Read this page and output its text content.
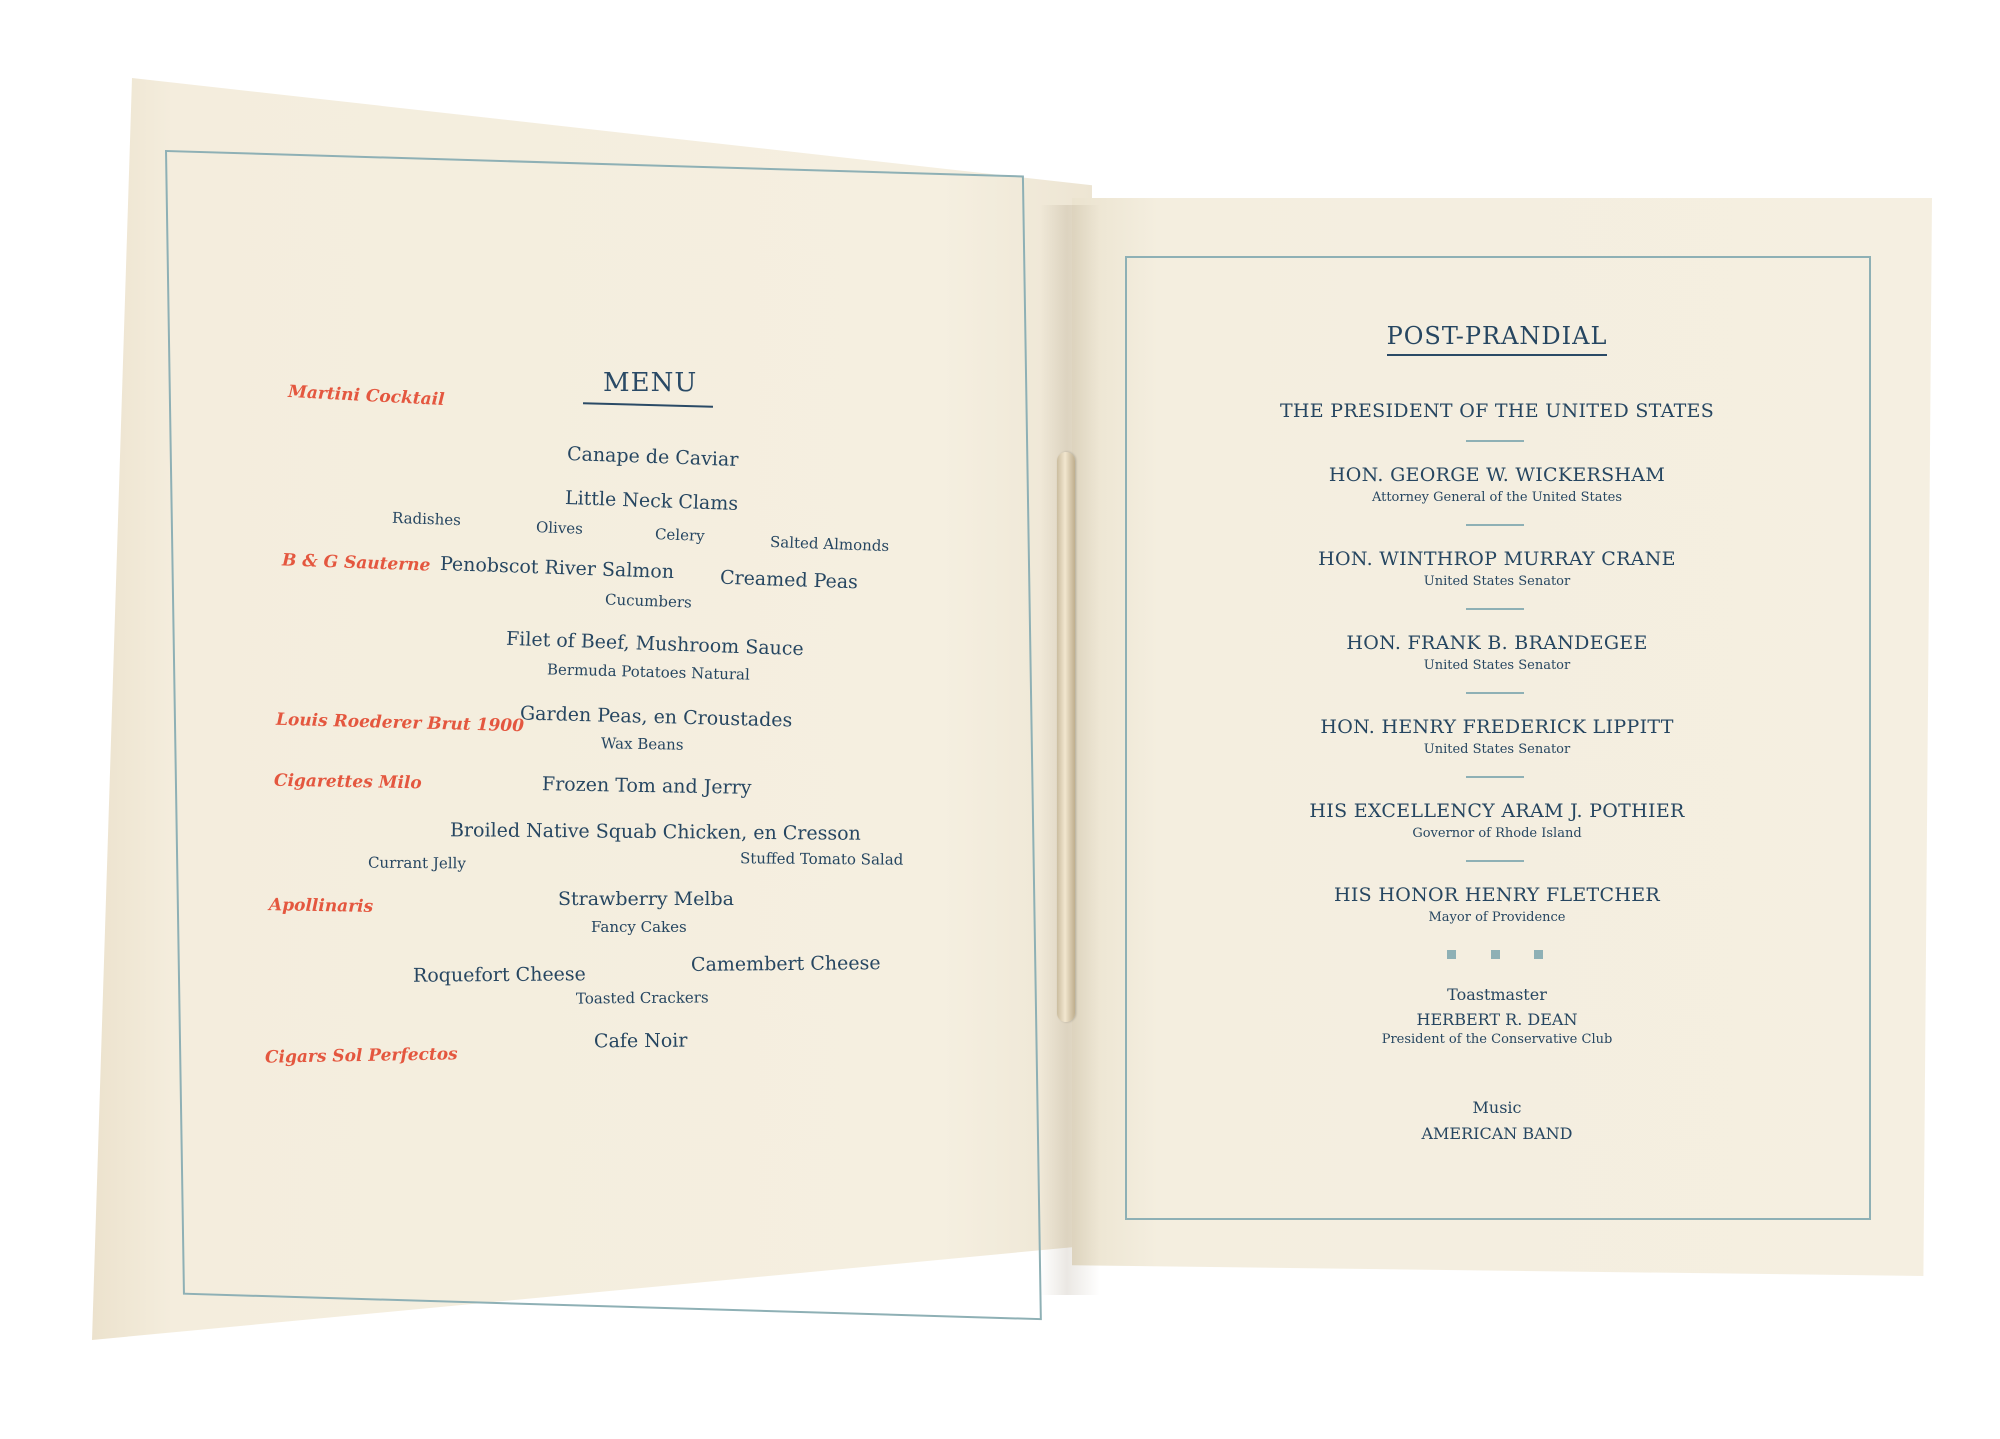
MENU
Martini Cocktail
B & G Sauterne
Louis Roederer Brut 1900
Cigarettes Milo
Apollinaris
Cigars Sol Perfectos
Canape de Caviar
Little Neck Clams
Radishes	Olives	Celery	Salted Almonds
Penobscot River Salmon Creamed Peas
Cucumbers
Filet of Beef, Mushroom Sauce
Bermuda Potatoes Natural
Garden Peas, en Croustades
Wax Beans
Frozen Tom and Jerry
Broiled Native Squab Chicken, en Cresson
Currant Jelly	Stuffed Tomato Salad
Strawberry Melba
Fancy Cakes
Roquefort Cheese	Camembert Cheese
Toasted Crackers
Cafe Noir
POST-PRANDIAL
THE PRESIDENT OF THE UNITED STATES
HON. GEORGE W. WICKERSHAM
Attorney General of the United States
HON. WINTHROP MURRAY CRANE
United States Senator
HON. FRANK B. BRANDEGEE
United States Senator
HON. HENRY FREDERICK LIPPITT
United States Senator
HIS EXCELLENCY ARAM J. POTHIER
Governor of Rhode Island
HIS HONOR HENRY FLETCHER
Mayor of Providence
Toastmaster
HERBERT R. DEAN
President of the Conservative Club
Music
AMERICAN BAND
